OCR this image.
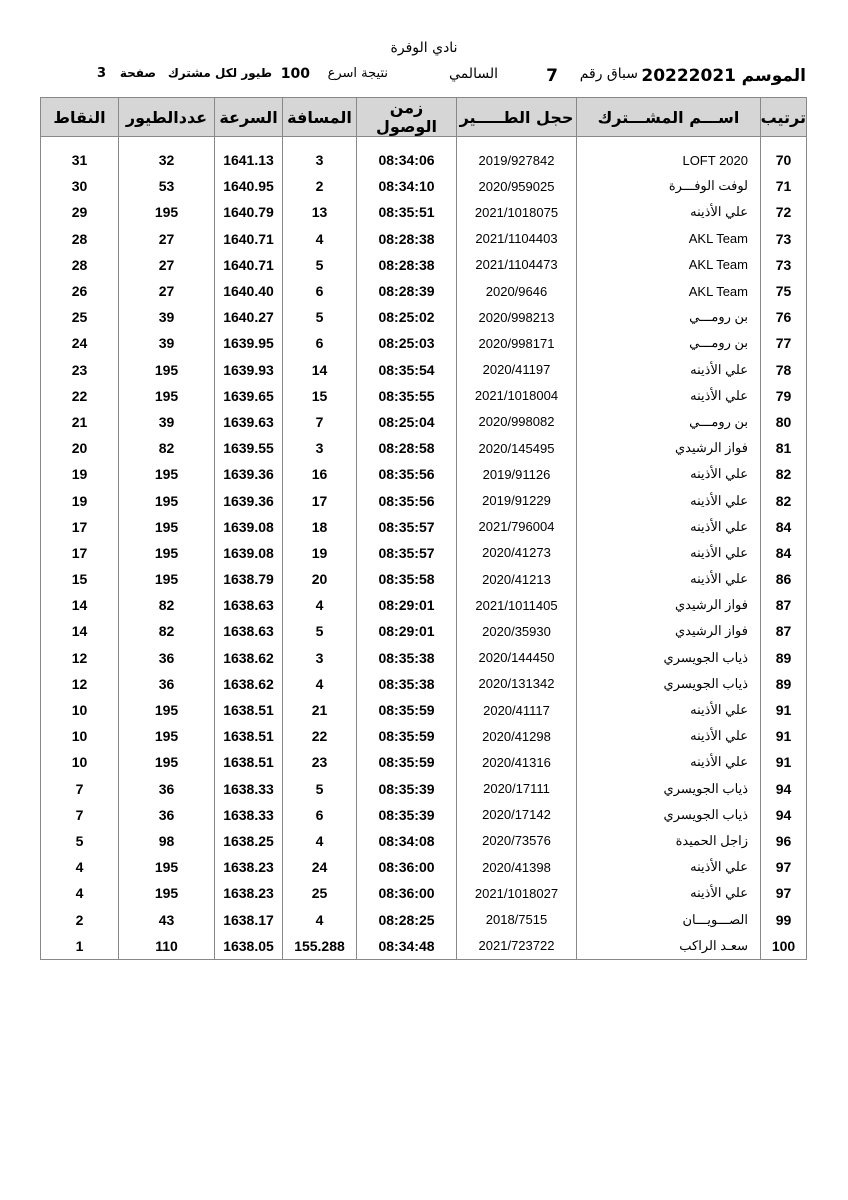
نادي الوفرة
الموسم
20222021
سباق رقم
7
السالمي
نتيجة اسرع
100
طيور لكل مشترك
صفحة
3
ترتيب	اســـم المشـــترك	حجل الطـــــير	زمن الوصول	المسافة	السرعة	عددالطيور	النقاط

70	LOFT 2020	2019/927842	08:34:06	3	1641.13	32	31
71	لوفت الوفـــرة	2020/959025	08:34:10	2	1640.95	53	30
72	علي الأذينه	2021/1018075	08:35:51	13	1640.79	195	29
73	AKL Team	2021/1104403	08:28:38	4	1640.71	27	28
73	AKL Team	2021/1104473	08:28:38	5	1640.71	27	28
75	AKL Team	2020/9646	08:28:39	6	1640.40	27	26
76	بن رومـــي	2020/998213	08:25:02	5	1640.27	39	25
77	بن رومـــي	2020/998171	08:25:03	6	1639.95	39	24
78	علي الأذينه	2020/41197	08:35:54	14	1639.93	195	23
79	علي الأذينه	2021/1018004	08:35:55	15	1639.65	195	22
80	بن رومـــي	2020/998082	08:25:04	7	1639.63	39	21
81	فواز الرشيدي	2020/145495	08:28:58	3	1639.55	82	20
82	علي الأذينه	2019/91126	08:35:56	16	1639.36	195	19
82	علي الأذينه	2019/91229	08:35:56	17	1639.36	195	19
84	علي الأذينه	2021/796004	08:35:57	18	1639.08	195	17
84	علي الأذينه	2020/41273	08:35:57	19	1639.08	195	17
86	علي الأذينه	2020/41213	08:35:58	20	1638.79	195	15
87	فواز الرشيدي	2021/1011405	08:29:01	4	1638.63	82	14
87	فواز الرشيدي	2020/35930	08:29:01	5	1638.63	82	14
89	ذياب الجويسري	2020/144450	08:35:38	3	1638.62	36	12
89	ذياب الجويسري	2020/131342	08:35:38	4	1638.62	36	12
91	علي الأذينه	2020/41117	08:35:59	21	1638.51	195	10
91	علي الأذينه	2020/41298	08:35:59	22	1638.51	195	10
91	علي الأذينه	2020/41316	08:35:59	23	1638.51	195	10
94	ذياب الجويسري	2020/17111	08:35:39	5	1638.33	36	7
94	ذياب الجويسري	2020/17142	08:35:39	6	1638.33	36	7
96	زاجل الحميدة	2020/73576	08:34:08	4	1638.25	98	5
97	علي الأذينه	2020/41398	08:36:00	24	1638.23	195	4
97	علي الأذينه	2021/1018027	08:36:00	25	1638.23	195	4
99	الصـــويـــان	2018/7515	08:28:25	4	1638.17	43	2
100	سعـد الراكب	2021/723722	08:34:48	155.288	1638.05	110	1
